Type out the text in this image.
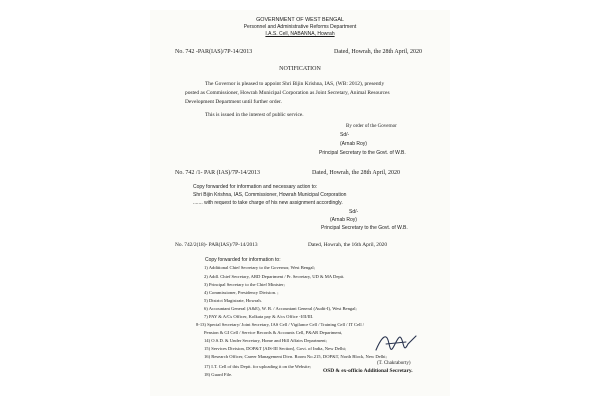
GOVERNMENT OF WEST BENGAL
Personnel and Administrative Reforms Department
I.A.S. Cell, NABANNA, Howrah
No. 742 -PAR(IAS)/7P-14/2013	Dated, Howrah, the 28th April, 2020
NOTIFICATION
The Governor is pleased to appoint Shri Bijin Krishna, IAS, (WB: 2012), presently
posted as Commissioner, Howrah Municipal Corporation as Joint Secretary, Animal Resources
Development Department until further order.
This is issued in the interest of public service.
By order of the Governor
Sd/-
(Arnab Roy)
Principal Secretary to the Govt. of W.B.
No. 742 /1- PAR (IAS)/7P-14/2013	Dated, Howrah, the 28th April, 2020
Copy forwarded for information and necessary action to:
Shri Bijin Krishna, IAS, Commissioner, Howrah Municipal Corporation
....... with request to take charge of his new assignment accordingly.
Sd/-
(Arnab Roy)
Principal Secretary to the Govt. of W.B.
No. 742/2(18)- PAR(IAS)/7P-14/2013	Dated, Howrah, the 16th April, 2020
Copy forwarded for information to:
1) Additional Chief Secretary to the Governor, West Bengal;
2) Addl. Chief Secretary, ARD Department / Pr. Secretary, UD & MA Deptt.
3) Principal Secretary to the Chief Minister;
4) Commissioner, Presidency Division. ;
5) District Magistrate, Howrah.
6) Accountant General (A&E), W. B. / Accountant General (Audit-I), West Bengal;
7) PAY & A/Cs Officer, Kolkata pay & A/cs Office -I/II/III.
8-13) Special Secretary/ Joint Secretary, IAS Cell / Vigilance Cell / Training Cell / IT Cell /
Pension & GI Cell / Service Records & Accounts Cell, P&AR Department,
14) O.S.D. & Under Secretary, Home and Hill Affairs Department;
15) Services Division, DOP&T [AIS-III Section], Govt. of India, New Delhi;
16) Research Officer, Career Management Divn. Room No.215, DOP&T, North Block, New Delhi;
17) I.T. Cell of this Deptt. for uploading it on the Website;
18) Guard File.
(T. Chakraborty)
OSD & ex-officio Additional Secretary.
